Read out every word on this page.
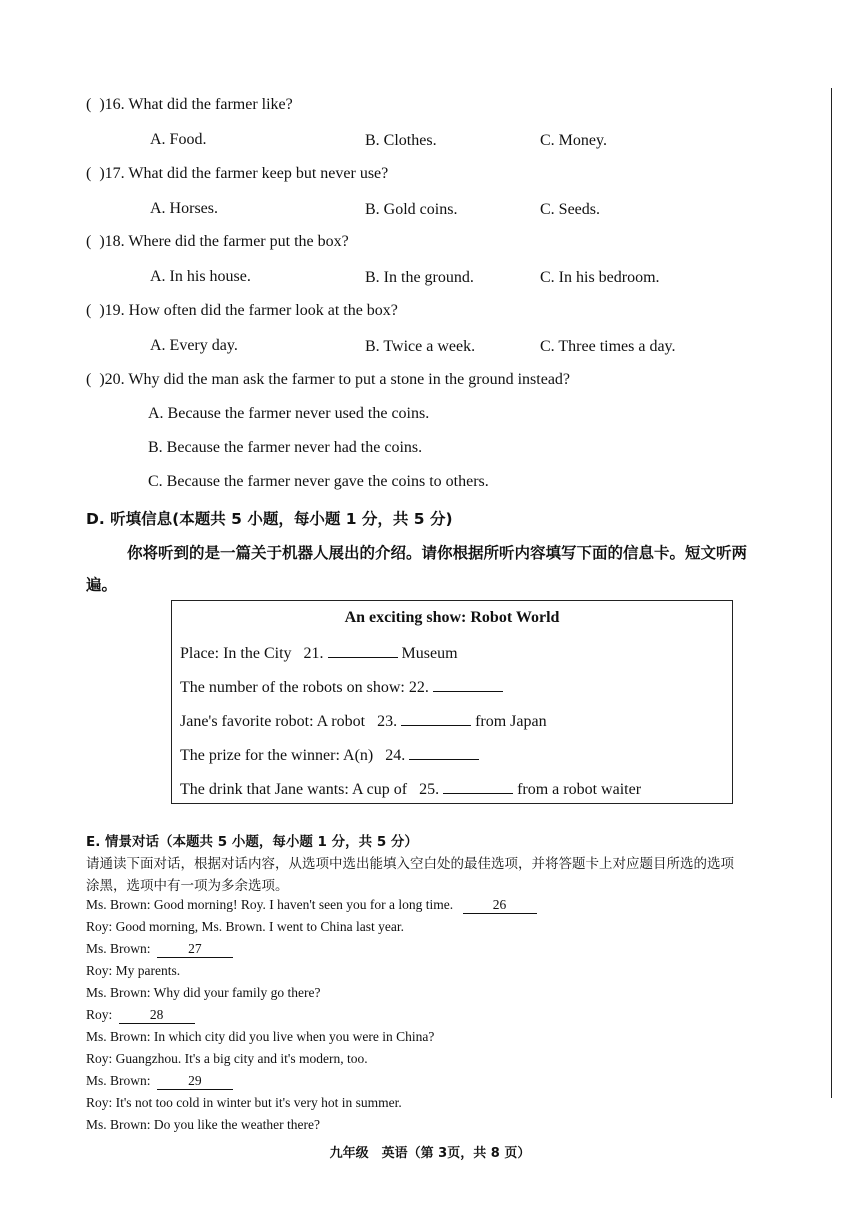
(  )16. What did the farmer like?
A. Food.	B. Clothes.	C. Money.
(  )17. What did the farmer keep but never use?
A. Horses.	B. Gold coins.	C. Seeds.
(  )18. Where did the farmer put the box?
A. In his house.	B. In the ground.	C. In his bedroom.
(  )19. How often did the farmer look at the box?
A. Every day.	B. Twice a week.	C. Three times a day.
(  )20. Why did the man ask the farmer to put a stone in the ground instead?
A. Because the farmer never used the coins.
B. Because the farmer never had the coins.
C. Because the farmer never gave the coins to others.
D. 听填信息(本题共 5 小题，每小题 1 分，共 5 分)
你将听到的是一篇关于机器人展出的介绍。请你根据所听内容填写下面的信息卡。短文听两
遍。
An exciting show: Robot World
Place: In the City   21.	Museum
The number of the robots on show: 22.
Jane's favorite robot: A robot   23.	from Japan
The prize for the winner: A(n)   24.
The drink that Jane wants: A cup of   25.	from a robot waiter
E. 情景对话（本题共 5 小题，每小题 1 分，共 5 分）
请通读下面对话，根据对话内容，从选项中选出能填入空白处的最佳选项，并将答题卡上对应题目所选的选项
涂黑，选项中有一项为多余选项。
Ms. Brown: Good morning! Roy. I haven't seen you for a long time.	26
Roy: Good morning, Ms. Brown. I went to China last year.
Ms. Brown:	27
Roy: My parents.
Ms. Brown: Why did your family go there?
Roy:	28
Ms. Brown: In which city did you live when you were in China?
Roy: Guangzhou. It's a big city and it's modern, too.
Ms. Brown:	29
Roy: It's not too cold in winter but it's very hot in summer.
Ms. Brown: Do you like the weather there?
九年级　英语（第 3页，共 8 页）
